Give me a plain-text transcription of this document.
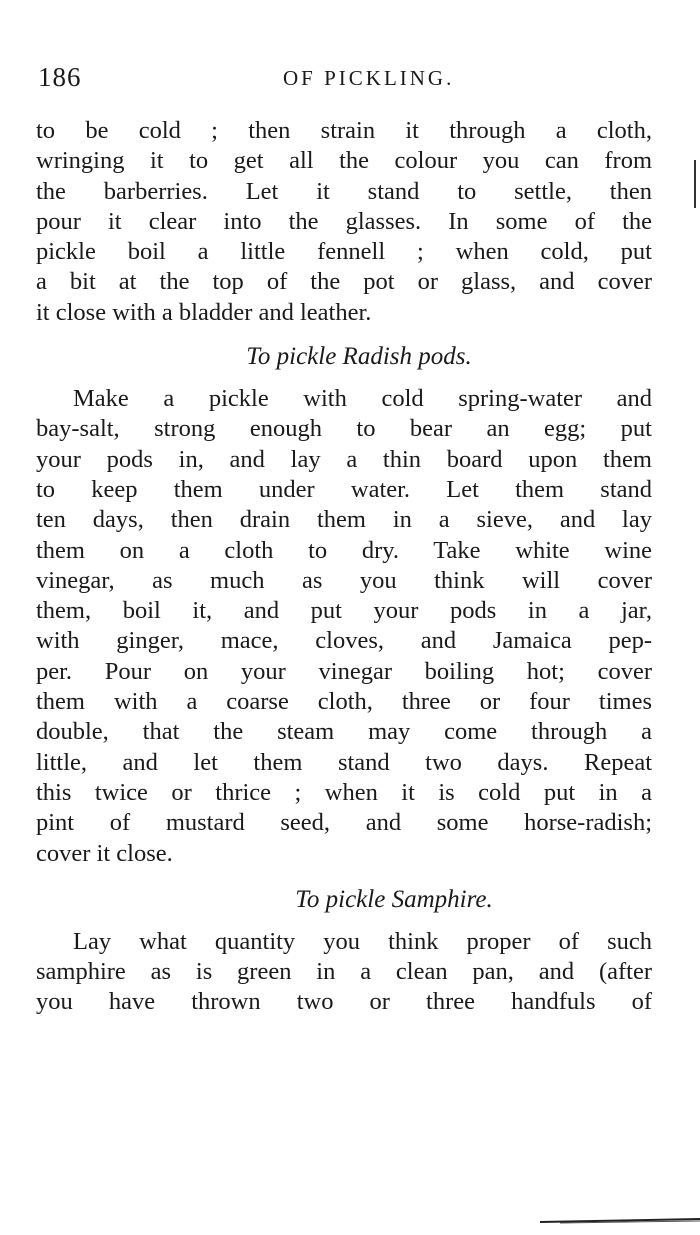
186	OF PICKLING.
to be cold ; then strain it through a cloth,
wringing it to get all the colour you can from
the barberries. Let it stand to settle, then
pour it clear into the glasses. In some of the
pickle boil a little fennell ; when cold, put
a bit at the top of the pot or glass, and cover
it close with a bladder and leather.
To pickle Radish pods.
Make a pickle with cold spring-water and
bay-salt, strong enough to bear an egg; put
your pods in, and lay a thin board upon them
to keep them under water. Let them stand
ten days, then drain them in a sieve, and lay
them on a cloth to dry. Take white wine
vinegar, as much as you think will cover
them, boil it, and put your pods in a jar,
with ginger, mace, cloves, and Jamaica pep-
per. Pour on your vinegar boiling hot; cover
them with a coarse cloth, three or four times
double, that the steam may come through a
little, and let them stand two days. Repeat
this twice or thrice ; when it is cold put in a
pint of mustard seed, and some horse-radish;
cover it close.
To pickle Samphire.
Lay what quantity you think proper of such
samphire as is green in a clean pan, and (after
you have thrown two or three handfuls of
